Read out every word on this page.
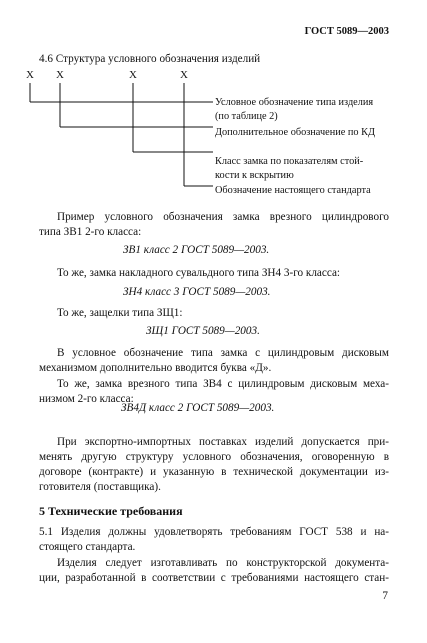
ГОСТ 5089—2003
4.6 Структура условного обозначения изделий
X X	X	X
Условное обозначение типа изделия
(по таблице 2)
Дополнительное обозначение по КД
Класс замка по показателям стой-
кости к вскрытию
Обозначение настоящего стандарта
Пример условного обозначения замка врезного цилиндрового
типа ЗВ1 2-го класса:
ЗВ1 класс 2 ГОСТ 5089—2003.
То же, замка накладного сувальдного типа ЗН4 3-го класса:
ЗН4 класс 3 ГОСТ 5089—2003.
То же, защелки типа ЗЩ1:
ЗЩ1 ГОСТ 5089—2003.
В условное обозначение типа замка с цилиндровым дисковым
механизмом дополнительно вводится буква «Д».
То же, замка врезного типа ЗВ4 с цилиндровым дисковым меха-
низмом 2-го класса:
ЗВ4Д класс 2 ГОСТ 5089—2003.
При экспортно-импортных поставках изделий допускается при-
менять другую структуру условного обозначения, оговоренную в
договоре (контракте) и указанную в технической документации из-
готовителя (поставщика).
5 Технические требования
5.1 Изделия должны удовлетворять требованиям ГОСТ 538 и на-
стоящего стандарта.
Изделия следует изготавливать по конструкторской документа-
ции, разработанной в соответствии с требованиями настоящего стан-
7
